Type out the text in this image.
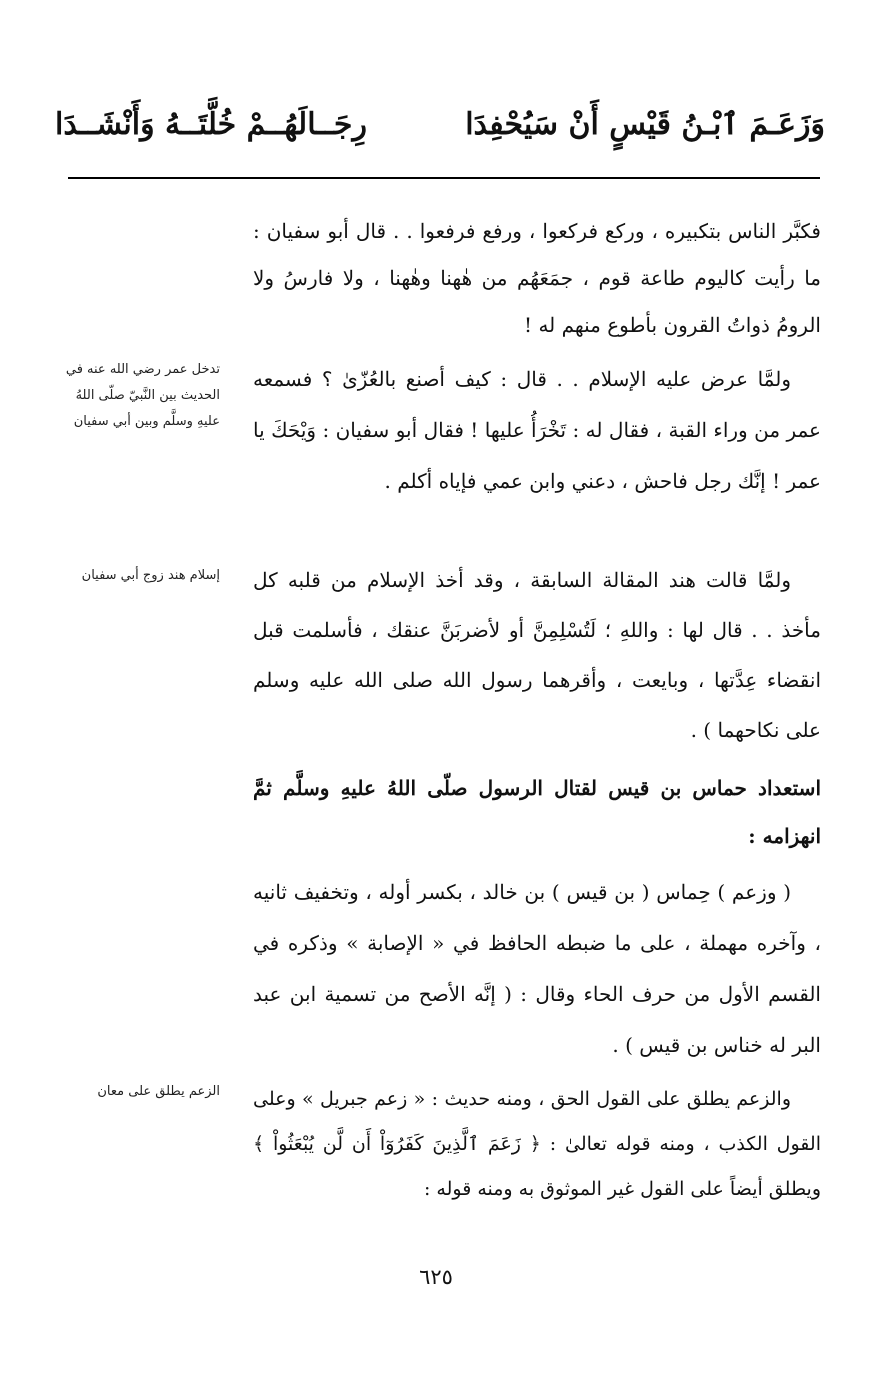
وَزَعَـمَ ٱبْـنُ قَيْسٍ أَنْ سَيُحْفِدَا
رِجَــالَهُــمْ خُلَّتَــهُ وَأَنْشَــدَا

فكبَّر الناس بتكبيره ، وركع فركعوا ، ورفع فرفعوا . . قال أبو سفيان : ما رأيت كاليوم طاعة قوم ، جمَعَهُم من هٰهنا وهٰهنا ، ولا فارسُ ولا الرومُ ذواتُ القرون بأطوع منهم له !

ولمَّا عرض عليه الإسلام . . قال : كيف أصنع بالعُزّىٰ ؟ فسمعه عمر من وراء القبة ، فقال له : تَخْرَأُ عليها ! فقال أبو سفيان : وَيْحَكَ يا عمر ! إنَّك رجل فاحش ، دعني وابن عمي فإياه أكلم .

ولمَّا قالت هند المقالة السابقة ، وقد أخذ الإسلام من قلبه كل مأخذ . . قال لها : واللهِ ؛ لَتُسْلِمِنَّ أو لأضربَنَّ عنقك ، فأسلمت قبل انقضاء عِدَّتها ، وبايعت ، وأقرهما رسول الله صلى الله عليه وسلم على نكاحهما ) .

استعداد حماس بن قيس لقتال الرسول صلّى اللهُ عليهِ وسلَّم ثمَّ انهزامه :

( وزعم ) حِماس ( بن قيس ) بن خالد ، بكسر أوله ، وتخفيف ثانيه ، وآخره مهملة ، على ما ضبطه الحافظ في « الإصابة » وذكره في القسم الأول من حرف الحاء وقال : ( إنَّه الأصح من تسمية ابن عبد البر له خناس بن قيس ) .

والزعم يطلق على القول الحق ، ومنه حديث : « زعم جبريل » وعلى القول الكذب ، ومنه قوله تعالىٰ : ﴿ زَعَمَ ٱلَّذِينَ كَفَرُوٓاْ أَن لَّن يُبْعَثُواْ ﴾ ويطلق أيضاً على القول غير الموثوق به ومنه قوله :

تدخل عمر رضي الله عنه في الحديث بين النَّبيّ صلّى اللهُ عليهِ وسلَّم وبين أبي سفيان
إسلام هند زوج أبي سفيان
الزعم يطلق على معان
٦٢٥
